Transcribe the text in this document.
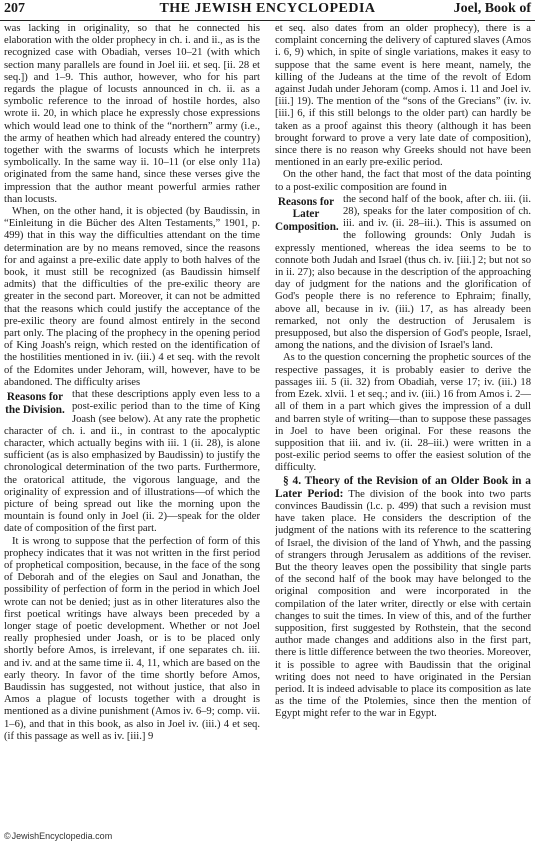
207	THE JEWISH ENCYCLOPEDIA	Joel, Book of

was lacking in originality, so that he connected his elaboration with the older prophecy in ch. i. and ii., as is the recognized case with Obadiah, verses 10–21 (with which section many parallels are found in Joel iii. et seq. [ii. 28 et seq.]) and 1–9. This author, however, who for his part regards the plague of locusts announced in ch. ii. as a symbolic reference to the inroad of hostile hordes, also wrote ii. 20, in which place he expressly chose expressions which would lead one to think of the “northern” army (i.e., the army of heathen which had already entered the country) together with the swarms of locusts which he interprets symbolically. In the same way ii. 10–11 (or else only 11a) originated from the same hand, since these verses give the impression that the author meant powerful armies rather than locusts.

When, on the other hand, it is objected (by Baudissin, in “Einleitung in die Bücher des Alten Testaments,” 1901, p. 499) that in this way the difficulties attendant on the time determination are by no means removed, since the reasons for and against a pre-exilic date apply to both halves of the book, it must still be recognized (as Baudissin himself admits) that the difficulties of the pre-exilic theory are greater in the second part. Moreover, it can not be admitted that the reasons which could justify the acceptance of the pre-exilic theory are found almost entirely in the second part only. The placing of the prophecy in the opening period of King Joash's reign, which rested on the identification of the hostilities mentioned in iv. (iii.) 4 et seq. with the revolt of the Edomites under Jehoram, will, however, have to be abandoned. The difficulty arises

Reasons for the Division.

that these descriptions apply even less to a post-exilic period than to the time of King Joash (see below). At any rate the prophetic character of ch. i. and ii., in contrast to the apocalyptic character, which actually begins with iii. 1 (ii. 28), is alone sufficient (as is also emphasized by Baudissin) to justify the chronological determination of the two parts. Furthermore, the oratorical attitude, the vigorous language, and the originality of expression and of illustrations—of which the picture of being spread out like the morning upon the mountain is found only in Joel (ii. 2)—speak for the older date of composition of the first part.

It is wrong to suppose that the perfection of form of this prophecy indicates that it was not written in the first period of prophetical composition, because, in the face of the song of Deborah and of the elegies on Saul and Jonathan, the possibility of perfection of form in the period in which Joel wrote can not be denied; just as in other literatures also the first poetical writings have always been preceded by a longer stage of poetic development. Whether or not Joel really prophesied under Joash, or is to be placed only shortly before Amos, is irrelevant, if one separates ch. iii. and iv. and at the same time ii. 4, 11, which are based on the early theory. In favor of the time shortly before Amos, Baudissin has suggested, not without justice, that also in Amos a plague of locusts together with a drought is mentioned as a divine punishment (Amos iv. 6–9; comp. vii. 1–6), and that in this book, as also in Joel iv. (iii.) 4 et seq. (if this passage as well as iv. [iii.] 9

et seq. also dates from an older prophecy), there is a complaint concerning the delivery of captured slaves (Amos i. 6, 9) which, in spite of single variations, makes it easy to suppose that the same event is here meant, namely, the killing of the Judeans at the time of the revolt of Edom against Judah under Jehoram (comp. Amos i. 11 and Joel iv. [iii.] 19). The mention of the “sons of the Grecians” (iv. iv. [iii.] 6, if this still belongs to the older part) can hardly be taken as a proof against this theory (although it has been brought forward to prove a very late date of composition), since there is no reason why Greeks should not have been mentioned in an early pre-exilic period.

On the other hand, the fact that most of the data pointing to a post-exilic composition are found in

Reasons for Later Composition.

the second half of the book, after ch. iii. (ii. 28), speaks for the later composition of ch. iii. and iv. (ii. 28–iii.). This is assumed on the following grounds: Only Judah is expressly mentioned, whereas the idea seems to be to connote both Judah and Israel (thus ch. iv. [iii.] 2; but not so in ii. 27); also because in the description of the approaching day of judgment for the nations and the glorification of God's people there is no reference to Ephraim; finally, above all, because in iv. (iii.) 17, as has already been remarked, not only the destruction of Jerusalem is presupposed, but also the dispersion of God's people, Israel, among the nations, and the division of Israel's land.

As to the question concerning the prophetic sources of the respective passages, it is probably easier to derive the passages iii. 5 (ii. 32) from Obadiah, verse 17; iv. (iii.) 18 from Ezek. xlvii. 1 et seq.; and iv. (iii.) 16 from Amos i. 2—all of them in a part which gives the impression of a dull and barren style of writing—than to suppose these passages in Joel to have been original. For these reasons the supposition that iii. and iv. (ii. 28–iii.) were written in a post-exilic period seems to offer the easiest solution of the difficulty.

§ 4. Theory of the Revision of an Older Book in a Later Period: The division of the book into two parts convinces Baudissin (l.c. p. 499) that such a revision must have taken place. He considers the description of the judgment of the nations with its reference to the scattering of Israel, the division of the land of Yhwh, and the passing of strangers through Jerusalem as additions of the reviser. But the theory leaves open the possibility that single parts of the second half of the book may have belonged to the original composition and were incorporated in the compilation of the later writer, directly or else with certain changes to suit the times. In view of this, and of the further supposition, first suggested by Rothstein, that the second author made changes and additions also in the first part, there is little difference between the two theories. Moreover, it is possible to agree with Baudissin that the original writing does not need to have originated in the Persian period. It is indeed advisable to place its composition as late as the time of the Ptolemies, since then the mention of Egypt might refer to the war in Egypt.

©JewishEncyclopedia.com
